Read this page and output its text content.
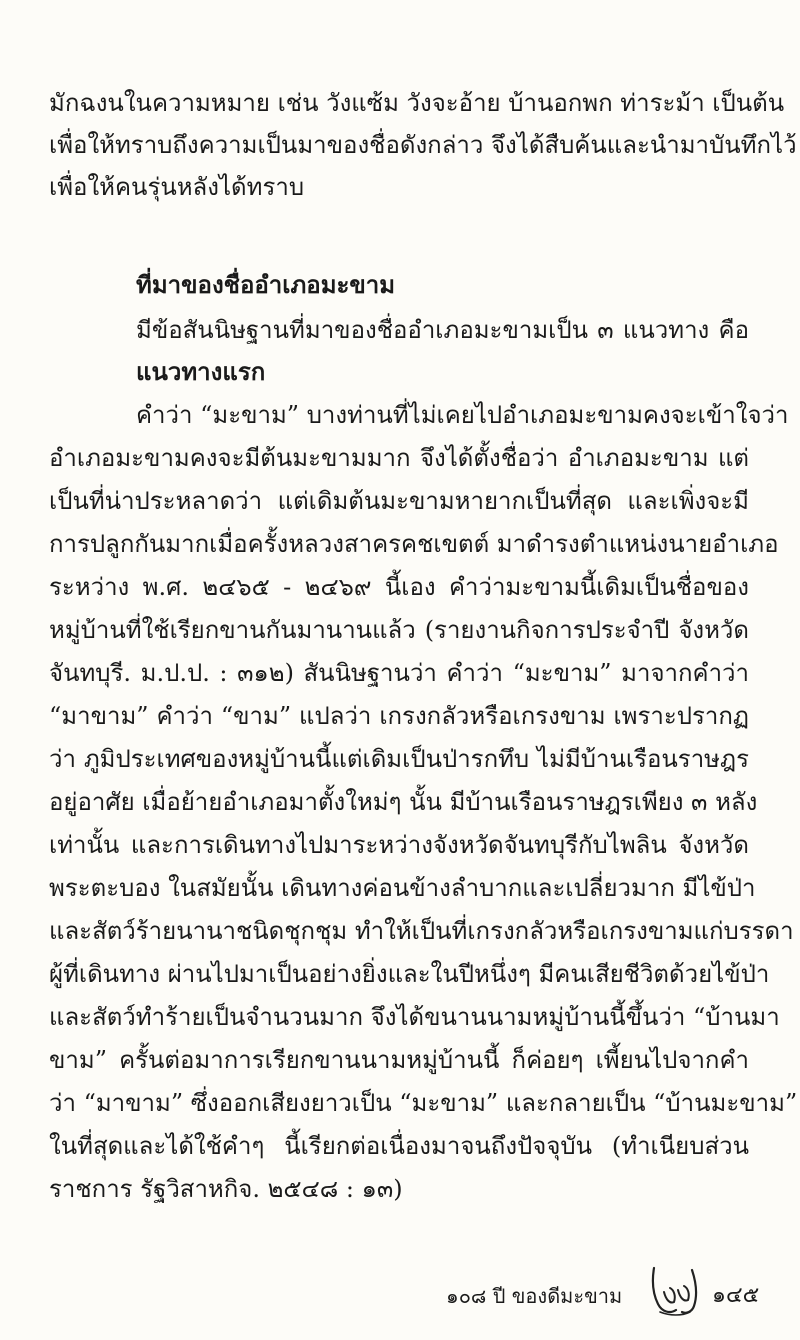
มักฉงนในความหมาย เช่น วังแซ้ม วังจะอ้าย บ้านอกพก ท่าระม้า เป็นต้น
เพื่อให้ทราบถึงความเป็นมาของชื่อดังกล่าว จึงได้สืบค้นและนำมาบันทึกไว้
เพื่อให้คนรุ่นหลังได้ทราบ
ที่มาของชื่ออำเภอมะขาม
มีข้อสันนิษฐานที่มาของชื่ออำเภอมะขามเป็น ๓ แนวทาง คือ
แนวทางแรก
คำว่า “มะขาม” บางท่านที่ไม่เคยไปอำเภอมะขามคงจะเข้าใจว่า
อำเภอมะขามคงจะมีต้นมะขามมาก จึงได้ตั้งชื่อว่า อำเภอมะขาม แต่
เป็นที่น่าประหลาดว่า แต่เดิมต้นมะขามหายากเป็นที่สุด และเพิ่งจะมี
การปลูกกันมากเมื่อครั้งหลวงสาครคชเขตต์ มาดำรงตำแหน่งนายอำเภอ
ระหว่าง พ.ศ. ๒๔๖๕ - ๒๔๖๙ นี้เอง คำว่ามะขามนี้เดิมเป็นชื่อของ
หมู่บ้านที่ใช้เรียกขานกันมานานแล้ว (รายงานกิจการประจำปี จังหวัด
จันทบุรี. ม.ป.ป. : ๓๑๒) สันนิษฐานว่า คำว่า “มะขาม” มาจากคำว่า
“มาขาม” คำว่า “ขาม” แปลว่า เกรงกลัวหรือเกรงขาม เพราะปรากฏ
ว่า ภูมิประเทศของหมู่บ้านนี้แต่เดิมเป็นป่ารกทึบ ไม่มีบ้านเรือนราษฎร
อยู่อาศัย เมื่อย้ายอำเภอมาตั้งใหม่ๆ นั้น มีบ้านเรือนราษฎรเพียง ๓ หลัง
เท่านั้น และการเดินทางไปมาระหว่างจังหวัดจันทบุรีกับไพลิน จังหวัด
พระตะบอง ในสมัยนั้น เดินทางค่อนข้างลำบากและเปลี่ยวมาก มีไข้ป่า
และสัตว์ร้ายนานาชนิดชุกชุม ทำให้เป็นที่เกรงกลัวหรือเกรงขามแก่บรรดา
ผู้ที่เดินทาง ผ่านไปมาเป็นอย่างยิ่งและในปีหนึ่งๆ มีคนเสียชีวิตด้วยไข้ป่า
และสัตว์ทำร้ายเป็นจำนวนมาก จึงได้ขนานนามหมู่บ้านนี้ขึ้นว่า “บ้านมา
ขาม” ครั้นต่อมาการเรียกขานนามหมู่บ้านนี้ ก็ค่อยๆ เพี้ยนไปจากคำ
ว่า “มาขาม” ซึ่งออกเสียงยาวเป็น “มะขาม” และกลายเป็น “บ้านมะขาม”
ในที่สุดและได้ใช้คำๆ นี้เรียกต่อเนื่องมาจนถึงปัจจุบัน (ทำเนียบส่วน
ราชการ รัฐวิสาหกิจ. ๒๕๔๘ : ๑๓)
๑๐๘ ปี ของดีมะขาม	๑๔๕
